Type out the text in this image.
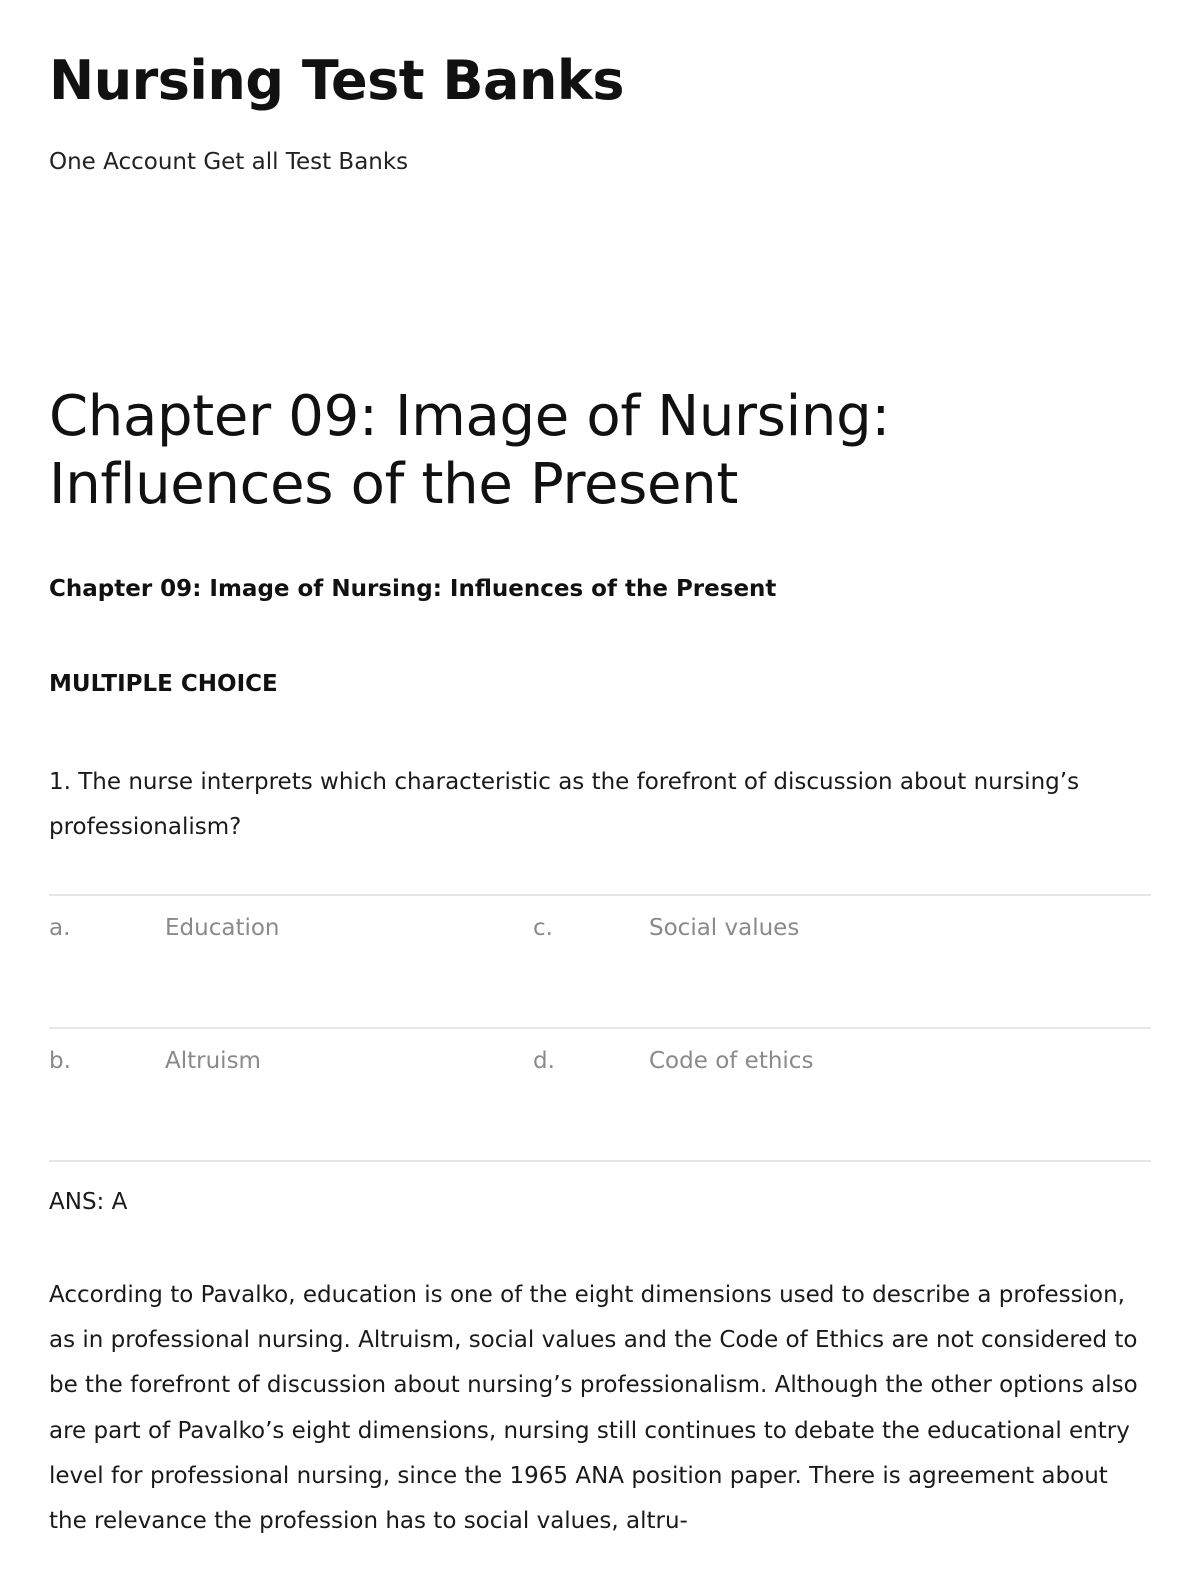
Nursing Test Banks

One Account Get all Test Banks

Chapter 09: Image of Nursing: Influences of the Present

Chapter 09: Image of Nursing: Influences of the Present

MULTIPLE CHOICE

1. The nurse interprets which characteristic as the forefront of discussion about nursing’s professionalism?

a.	Education	c.	Social values
b.	Altruism	d.	Code of ethics

ANS: A

According to Pavalko, education is one of the eight dimensions used to describe a profession, as in professional nursing. Altruism, social values and the Code of Ethics are not considered to be the forefront of discussion about nursing’s professionalism. Although the other options also are part of Pavalko’s eight dimensions, nursing still continues to debate the educational entry level for professional nursing, since the 1965 ANA position paper. There is agreement about the relevance the profession has to social values, altru-
